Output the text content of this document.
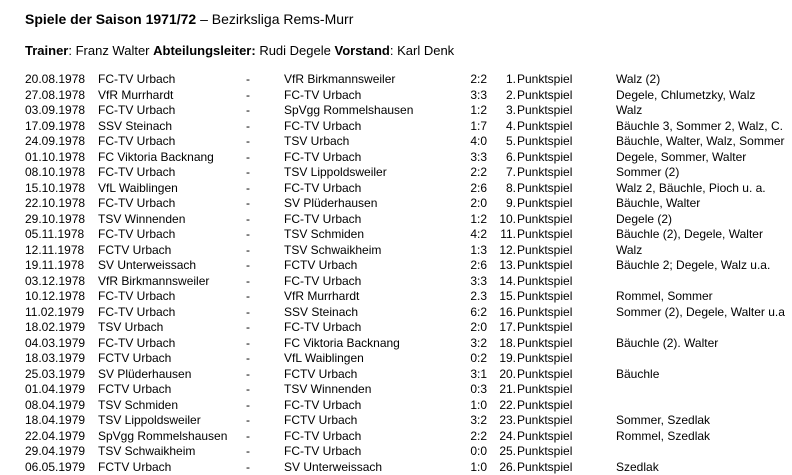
Spiele der Saison 1971/72 – Bezirksliga Rems-Murr
Trainer: Franz Walter Abteilungsleiter: Rudi Degele Vorstand: Karl Denk
20.08.1978 FC-TV Urbach	-	VfR Birkmannsweiler	2:2	1. Punktspiel	Walz (2)
27.08.1978 VfR Murrhardt	-	FC-TV Urbach	3:3	2. Punktspiel	Degele, Chlumetzky, Walz
03.09.1978 FC-TV Urbach	-	SpVgg Rommelshausen	1:2	3. Punktspiel	Walz
17.09.1978 SSV Steinach	-	FC-TV Urbach	1:7	4. Punktspiel	Bäuchle 3, Sommer 2, Walz, C.
24.09.1978 FC-TV Urbach	-	TSV Urbach	4:0	5. Punktspiel	Bäuchle, Walter, Walz, Sommer
01.10.1978 FC Viktoria Backnang	-	FC-TV Urbach	3:3	6. Punktspiel	Degele, Sommer, Walter
08.10.1978 FC-TV Urbach	-	TSV Lippoldsweiler	2:2	7. Punktspiel	Sommer (2)
15.10.1978 VfL Waiblingen	-	FC-TV Urbach	2:6	8. Punktspiel	Walz 2, Bäuchle, Pioch u. a.
22.10.1978 FC-TV Urbach	-	SV Plüderhausen	2:0	9. Punktspiel	Bäuchle, Walter
29.10.1978 TSV Winnenden	-	FC-TV Urbach	1:2	10. Punktspiel	Degele (2)
05.11.1978 FC-TV Urbach	-	TSV Schmiden	4:2	11. Punktspiel	Bäuchle (2), Degele, Walter
12.11.1978 FCTV Urbach	-	TSV Schwaikheim	1:3	12. Punktspiel	Walz
19.11.1978 SV Unterweissach	-	FCTV Urbach	2:6	13. Punktspiel	Bäuchle 2; Degele, Walz u.a.
03.12.1978 VfR Birkmannsweiler	-	FC-TV Urbach	3:3	14. Punktspiel
10.12.1978 FC-TV Urbach	-	VfR Murrhardt	2.3	15. Punktspiel	Rommel, Sommer
11.02.1979 FC-TV Urbach	-	SSV Steinach	6:2	16. Punktspiel	Sommer (2), Degele, Walter u.a
18.02.1979 TSV Urbach	-	FC-TV Urbach	2:0	17. Punktspiel
04.03.1979 FC-TV Urbach	-	FC Viktoria Backnang	3:2	18. Punktspiel	Bäuchle (2). Walter
18.03.1979 FCTV Urbach	-	VfL Waiblingen	0:2	19. Punktspiel
25.03.1979 SV Plüderhausen	-	FCTV Urbach	3:1	20. Punktspiel	Bäuchle
01.04.1979 FCTV Urbach	-	TSV Winnenden	0:3	21. Punktspiel
08.04.1979 TSV Schmiden	-	FC-TV Urbach	1:0	22. Punktspiel
18.04.1979 TSV Lippoldsweiler	-	FCTV Urbach	3:2	23. Punktspiel	Sommer, Szedlak
22.04.1979 SpVgg Rommelshausen -	FC-TV Urbach	2:2	24. Punktspiel	Rommel, Szedlak
29.04.1979 TSV Schwaikheim	-	FC-TV Urbach	0:0	25. Punktspiel
06.05.1979 FCTV Urbach	-	SV Unterweissach	1:0	26. Punktspiel	Szedlak
